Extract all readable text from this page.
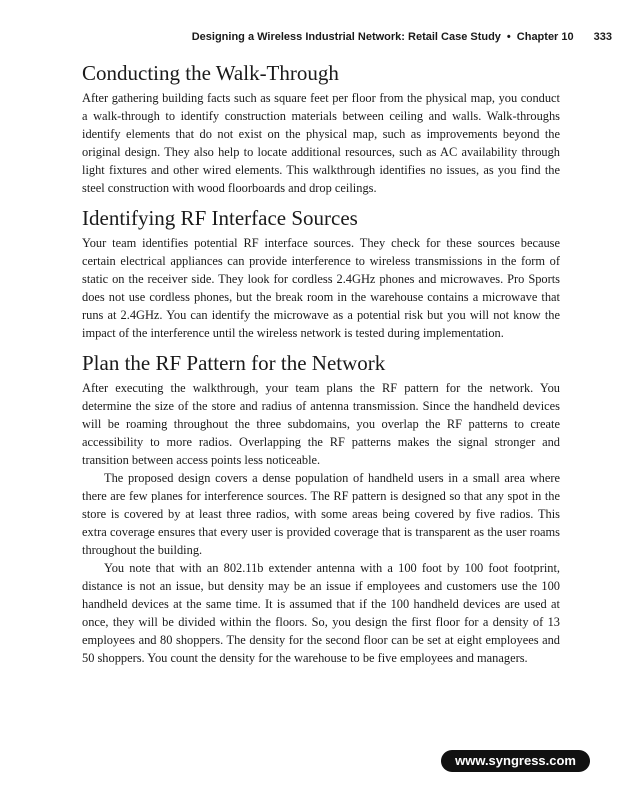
Designing a Wireless Industrial Network: Retail Case Study • Chapter 10 333
Conducting the Walk-Through

After gathering building facts such as square feet per floor from the physical map, you conduct a walk-through to identify construction materials between ceiling and walls. Walk-throughs identify elements that do not exist on the physical map, such as improvements beyond the original design. They also help to locate additional resources, such as AC availability through light fixtures and other wired elements. This walkthrough identifies no issues, as you find the steel construction with wood floorboards and drop ceilings.

Identifying RF Interface Sources

Your team identifies potential RF interface sources. They check for these sources because certain electrical appliances can provide interference to wireless transmissions in the form of static on the receiver side. They look for cordless 2.4GHz phones and microwaves. Pro Sports does not use cordless phones, but the break room in the warehouse contains a microwave that runs at 2.4GHz. You can identify the microwave as a potential risk but you will not know the impact of the interference until the wireless network is tested during implementation.

Plan the RF Pattern for the Network

After executing the walkthrough, your team plans the RF pattern for the network. You determine the size of the store and radius of antenna transmission. Since the handheld devices will be roaming throughout the three subdomains, you overlap the RF patterns to create accessibility to more radios. Overlapping the RF patterns makes the signal stronger and transition between access points less noticeable.

The proposed design covers a dense population of handheld users in a small area where there are few planes for interference sources. The RF pattern is designed so that any spot in the store is covered by at least three radios, with some areas being covered by five radios. This extra coverage ensures that every user is provided coverage that is transparent as the user roams throughout the building.

You note that with an 802.11b extender antenna with a 100 foot by 100 foot footprint, distance is not an issue, but density may be an issue if employees and customers use the 100 handheld devices at the same time. It is assumed that if the 100 handheld devices are used at once, they will be divided within the floors. So, you design the first floor for a density of 13 employees and 80 shoppers. The density for the second floor can be set at eight employees and 50 shoppers. You count the density for the warehouse to be five employees and managers.

www.syngress.com
